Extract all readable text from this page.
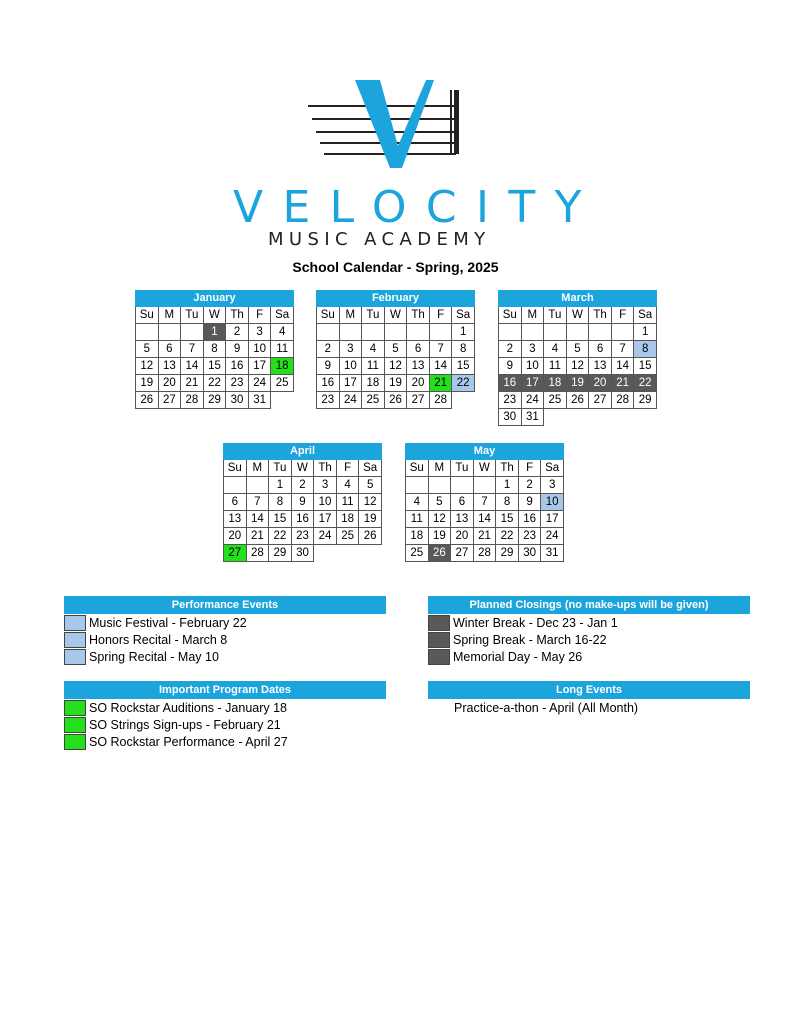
VELOCITY
MUSIC ACADEMY
School Calendar - Spring, 2025
January						
Su	M	Tu	W	Th	F	Sa
			1	2	3	4
5	6	7	8	9	10	11
12	13	14	15	16	17	18
19	20	21	22	23	24	25
26	27	28	29	30	31	
February						
Su	M	Tu	W	Th	F	Sa
						1
2	3	4	5	6	7	8
9	10	11	12	13	14	15
16	17	18	19	20	21	22
23	24	25	26	27	28	
March						
Su	M	Tu	W	Th	F	Sa
						1
2	3	4	5	6	7	8
9	10	11	12	13	14	15
16	17	18	19	20	21	22
23	24	25	26	27	28	29
30	31					
April						
Su	M	Tu	W	Th	F	Sa
		1	2	3	4	5
6	7	8	9	10	11	12
13	14	15	16	17	18	19
20	21	22	23	24	25	26
27	28	29	30			
May						
Su	M	Tu	W	Th	F	Sa
				1	2	3
4	5	6	7	8	9	10
11	12	13	14	15	16	17
18	19	20	21	22	23	24
25	26	27	28	29	30	31
Performance Events
Music Festival - February 22
Honors Recital - March 8
Spring Recital - May 10
Planned Closings (no make-ups will be given)
Winter Break - Dec 23 - Jan 1
Spring Break - March 16-22
Memorial Day - May 26
Important Program Dates
SO Rockstar Auditions - January 18
SO Strings Sign-ups - February 21
SO Rockstar Performance - April 27
Long Events
Practice-a-thon - April (All Month)
